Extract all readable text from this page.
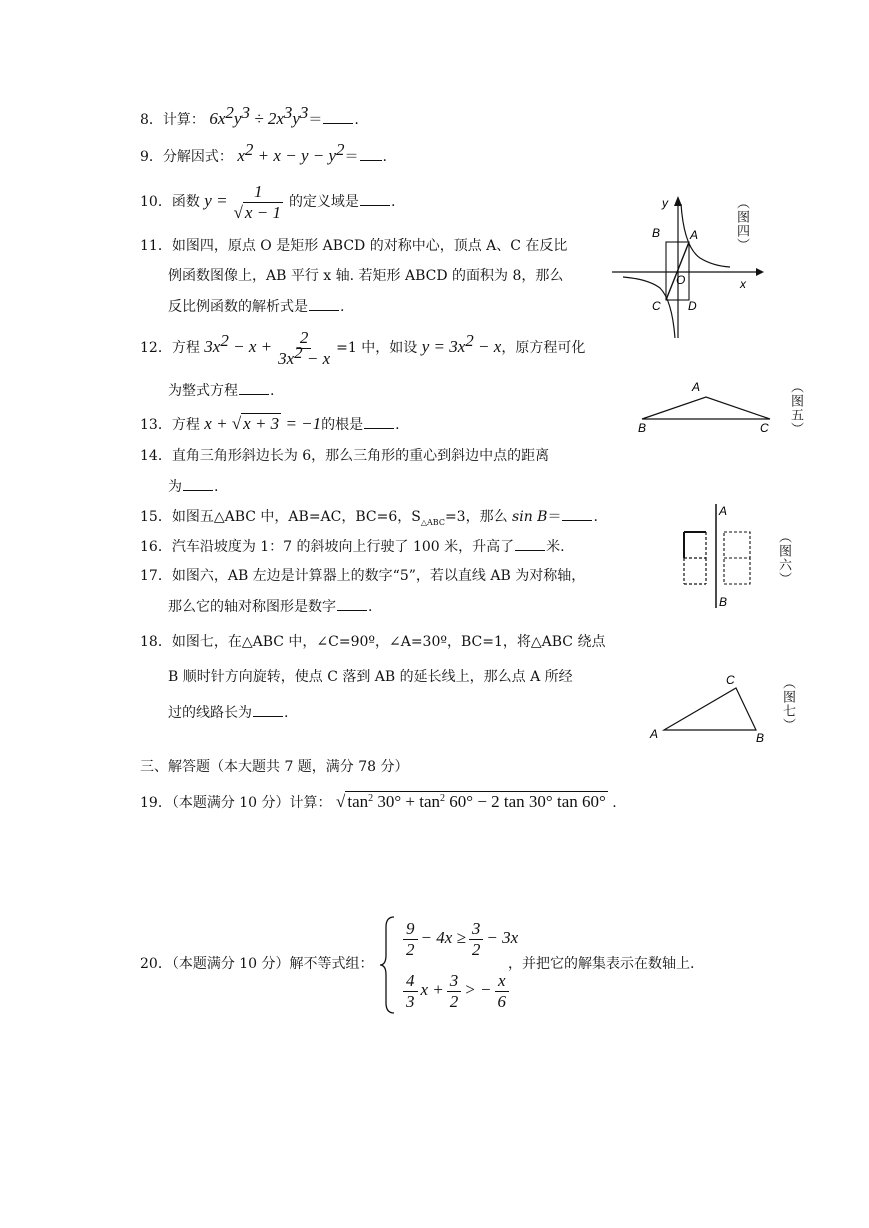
8．计算： $6x^2y^3 \div 2x^3y^3=$ .
9．分解因式： $x^2 + x - y - y^2=$ .
10．函数 $y = \frac{1}{√ x - 1}$ 的定义域是 .
11．如图四，原点 O 是矩形 ABCD 的对称中心，顶点 A、C 在反比
例函数图像上，AB 平行 x 轴. 若矩形 ABCD 的面积为 8，那么
反比例函数的解析式是 .
12．方程 $3x^2 - x + \frac{2}{3x^2 - x} =1$ 中，如设 $y = 3x^2 - x$，原方程可化
为整式方程 .
13．方程 x + √ x + 3 = −1的根是 .
14．直角三角形斜边长为 6，那么三角形的重心到斜边中点的距离
为 .
15．如图五△ABC 中，AB=AC，BC=6，$S_{\triangle ABC}=3$，那么 sin B＝ .
16．汽车沿坡度为 1：7 的斜坡向上行驶了 100 米，升高了 米.
17．如图六，AB 左边是计算器上的数字“5”，若以直线 AB 为对称轴，
那么它的轴对称图形是数字 .
18．如图七，在△ABC 中，∠C=90º，∠A=30º，BC=1，将△ABC 绕点
B 顺时针方向旋转，使点 C 落到 AB 的延长线上，那么点 A 所经
过的线路长为 .
三、解答题（本大题共 7 题，满分 78 分）
19．（本题满分 10 分）计算： √ $\tan^2 30^\circ + \tan^2 60^\circ - 2$ tan 30° tan 60° .
20．（本题满分 10 分）解不等式组：
$\frac{9}{2} - 4x \ge \frac{3}{2} - 3x$
$\frac{4}{3}$ $x + \frac{3}{2}$ > − $\frac{x}{6}$
，并把它的解集表示在数轴上.
y
x
B A
O
C D
（图四）
A
B	C （图五）
A
B
（图六）
C
A	B
（图七）
